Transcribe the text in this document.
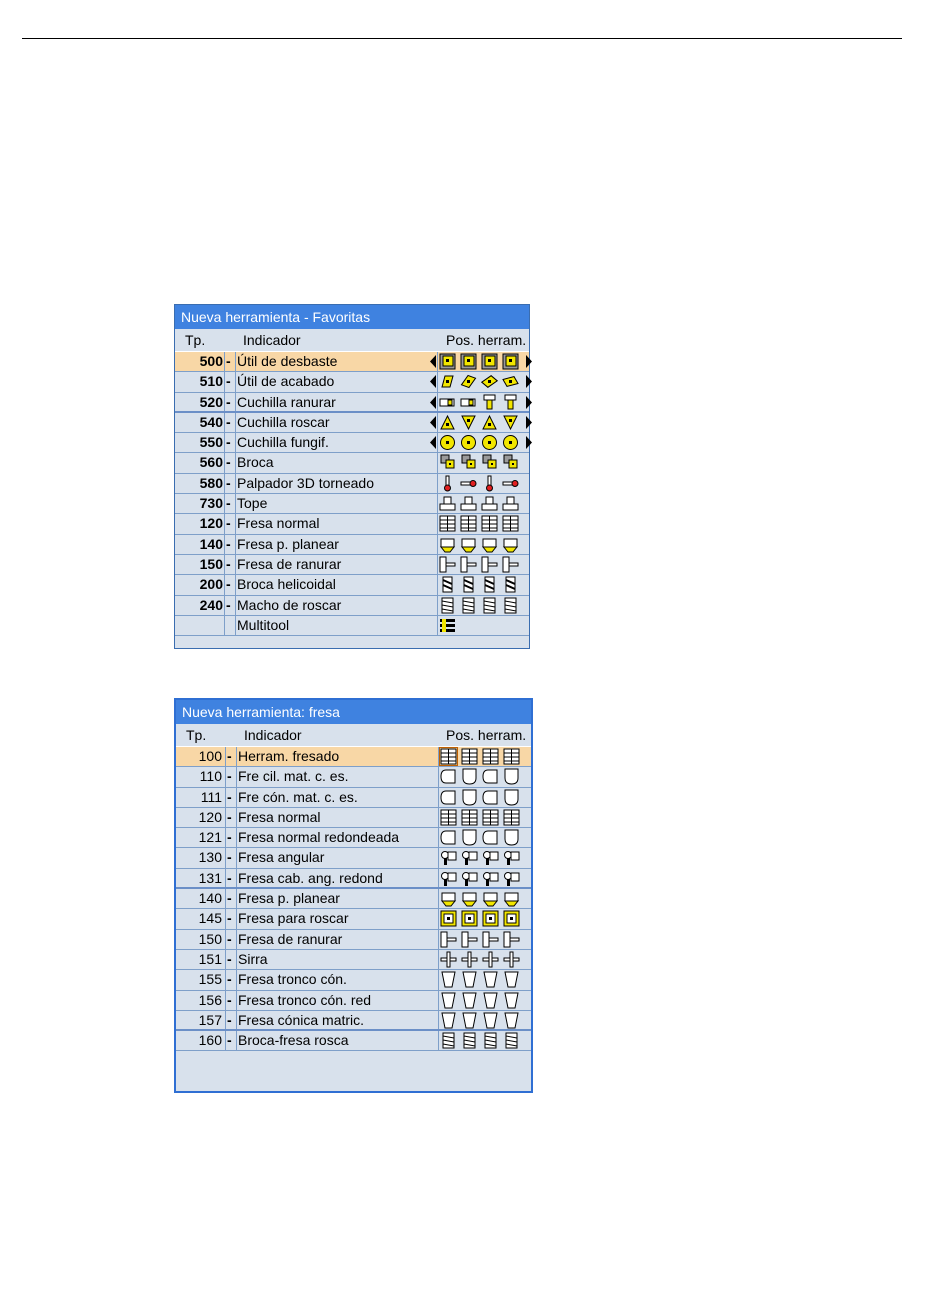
Nueva herramienta - Favoritas
Tp.	Indicador	Pos. herram.
500 - Útil de desbaste
510 - Útil de acabado
520 - Cuchilla ranurar
540 - Cuchilla roscar
550 - Cuchilla fungif.
560 - Broca
580 - Palpador 3D torneado
730 - Tope
120 - Fresa normal
140 - Fresa p. planear
150 - Fresa de ranurar
200 - Broca helicoidal
240 - Macho de roscar
Multitool
Nueva herramienta: fresa
Tp.	Indicador	Pos. herram.
100 - Herram. fresado
110 - Fre cil. mat. c. es.
111 - Fre cón. mat. c. es.
120 - Fresa normal
121 - Fresa normal redondeada
130 - Fresa angular
131 - Fresa cab. ang. redond
140 - Fresa p. planear
145 - Fresa para roscar
150 - Fresa de ranurar
151 - Sirra
155 - Fresa tronco cón.
156 - Fresa tronco cón. red
157 - Fresa cónica matric.
160 - Broca-fresa rosca
